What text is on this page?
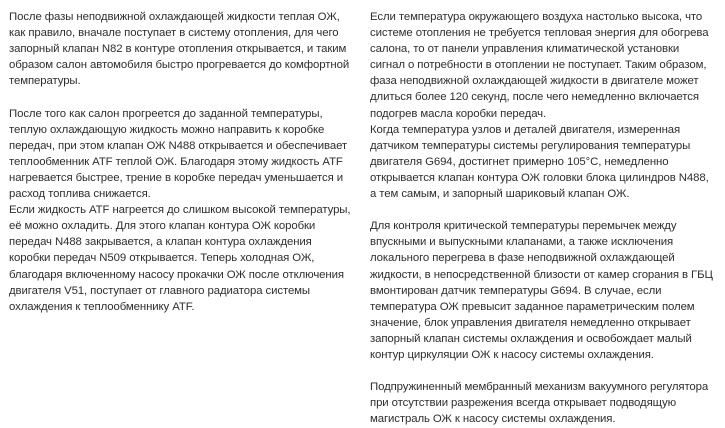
После фазы неподвижной охлаждающей жидкости теплая ОЖ,
как правило, вначале поступает в систему отопления, для чего
запорный клапан N82 в контуре отопления открывается, и таким
образом салон автомобиля быстро прогревается до комфортной
температуры.
После того как салон прогреется до заданной температуры,
теплую охлаждающую жидкость можно направить к коробке
передач, при этом клапан ОЖ N488 открывается и обеспечивает
теплообменник ATF теплой ОЖ. Благодаря этому жидкость ATF
нагревается быстрее, трение в коробке передач уменьшается и
расход топлива снижается.
Если жидкость ATF нагреется до слишком высокой температуры,
её можно охладить. Для этого клапан контура ОЖ коробки
передач N488 закрывается, а клапан контура охлаждения
коробки передач N509 открывается. Теперь холодная ОЖ,
благодаря включенному насосу прокачки ОЖ после отключения
двигателя V51, поступает от главного радиатора системы
охлаждения к теплообменнику ATF.
Если температура окружающего воздуха настолько высока, что
системе отопления не требуется тепловая энергия для обогрева
салона, то от панели управления климатической установки
сигнал о потребности в отоплении не поступает. Таким образом,
фаза неподвижной охлаждающей жидкости в двигателе может
длиться более 120 секунд, после чего немедленно включается
подогрев масла коробки передач.
Когда температура узлов и деталей двигателя, измеренная
датчиком температуры системы регулирования температуры
двигателя G694, достигнет примерно 105°С, немедленно
открывается клапан контура ОЖ головки блока цилиндров N488,
а тем самым, и запорный шариковый клапан ОЖ.
Для контроля критической температуры перемычек между
впускными и выпускными клапанами, а также исключения
локального перегрева в фазе неподвижной охлаждающей
жидкости, в непосредственной близости от камер сгорания в ГБЦ
вмонтирован датчик температуры G694. В случае, если
температура ОЖ превысит заданное параметрическим полем
значение, блок управления двигателя немедленно открывает
запорный клапан системы охлаждения и освобождает малый
контур циркуляции ОЖ к насосу системы охлаждения.
Подпружиненный мембранный механизм вакуумного регулятора
при отсутствии разрежения всегда открывает подводящую
магистраль ОЖ к насосу системы охлаждения.
